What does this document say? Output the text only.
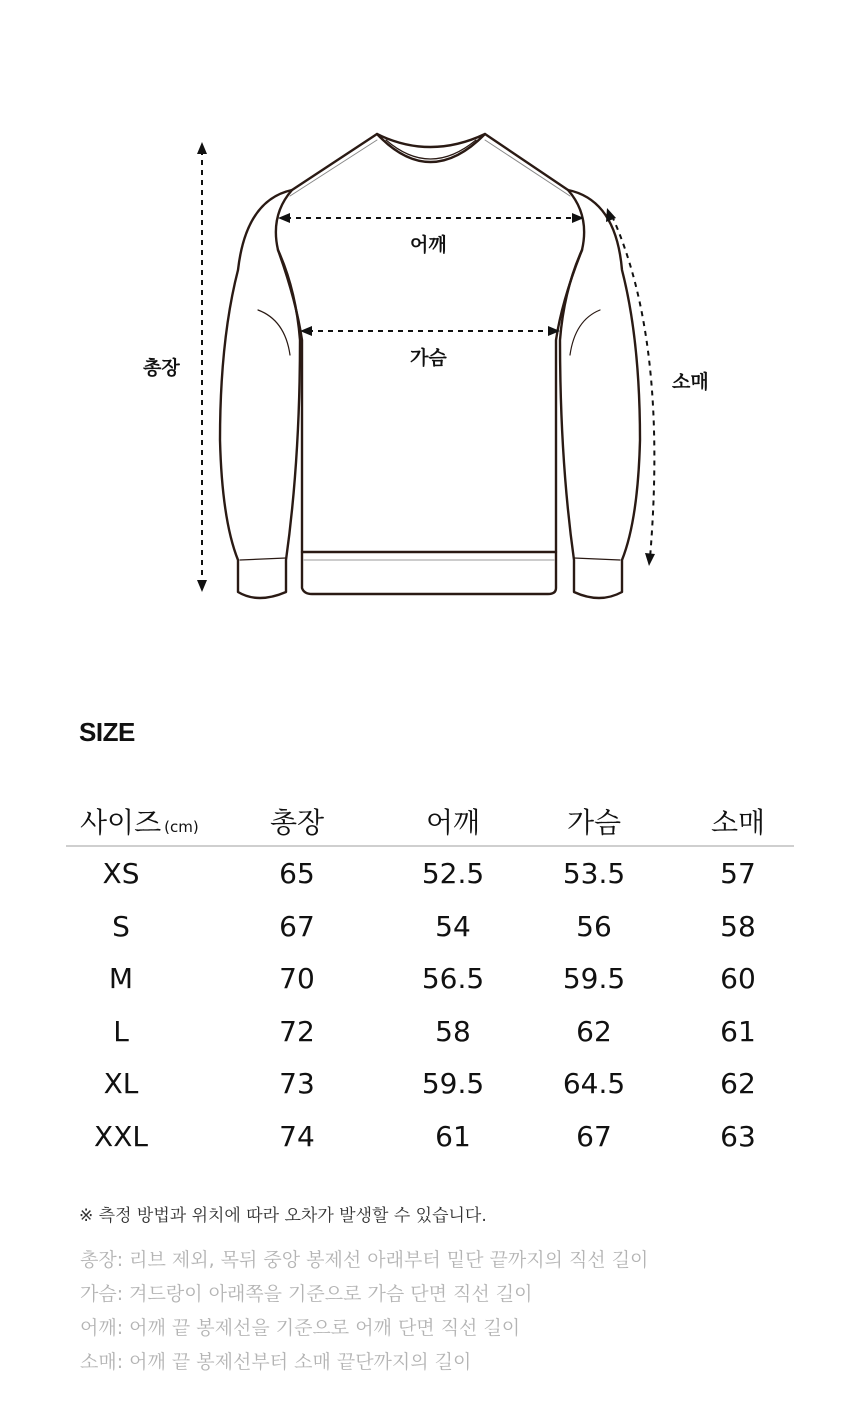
총장
어깨
가슴
소매
SIZE
사이즈 (cm)	총장	어깨	가슴	소매
XS	65	52.5	53.5	57
S	67	54	56	58
M	70	56.5	59.5	60
L	72	58	62	61
XL	73	59.5	64.5	62
XXL	74	61	67	63
※ 측정 방법과 위치에 따라 오차가 발생할 수 있습니다.
총장: 리브 제외, 목뒤 중앙 봉제선 아래부터 밑단 끝까지의 직선 길이
가슴: 겨드랑이 아래쪽을 기준으로 가슴 단면 직선 길이
어깨: 어깨 끝 봉제선을 기준으로 어깨 단면 직선 길이
소매: 어깨 끝 봉제선부터 소매 끝단까지의 길이
